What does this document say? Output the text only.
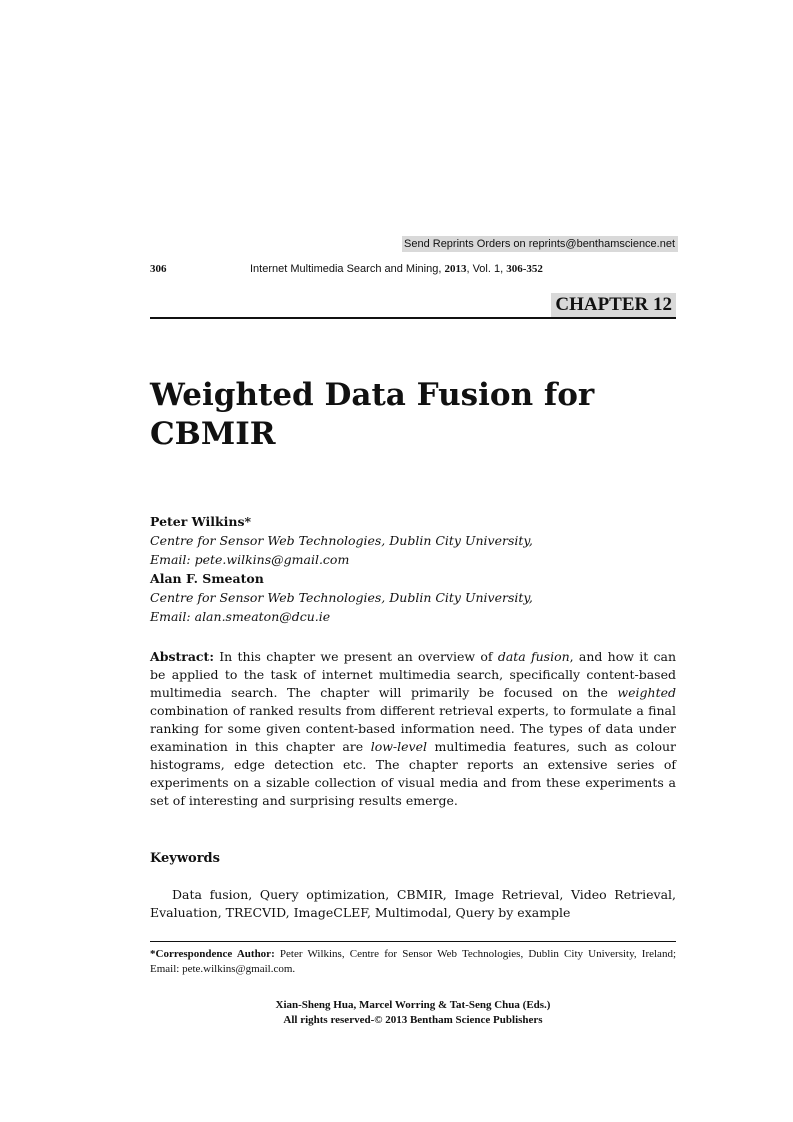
Send Reprints Orders on reprints@benthamscience.net
306	Internet Multimedia Search and Mining, 2013, Vol. 1, 306-352
CHAPTER 12
Weighted Data Fusion for CBMIR
Peter Wilkins*
Centre for Sensor Web Technologies, Dublin City University,
Email: pete.wilkins@gmail.com
Alan F. Smeaton
Centre for Sensor Web Technologies, Dublin City University,
Email: alan.smeaton@dcu.ie
Abstract: In this chapter we present an overview of data fusion, and how it can be applied to the task of internet multimedia search, specifically content-based multimedia search. The chapter will primarily be focused on the weighted combination of ranked results from different retrieval experts, to formulate a final ranking for some given content-based information need. The types of data under examination in this chapter are low-level multimedia features, such as colour histograms, edge detection etc. The chapter reports an extensive series of experiments on a sizable collection of visual media and from these experiments a set of interesting and surprising results emerge.
Keywords
Data fusion, Query optimization, CBMIR, Image Retrieval, Video Retrieval, Evaluation, TRECVID, ImageCLEF, Multimodal, Query by example
*Correspondence Author: Peter Wilkins, Centre for Sensor Web Technologies, Dublin City University, Ireland; Email: pete.wilkins@gmail.com.
Xian-Sheng Hua, Marcel Worring & Tat-Seng Chua (Eds.)
All rights reserved-© 2013 Bentham Science Publishers
